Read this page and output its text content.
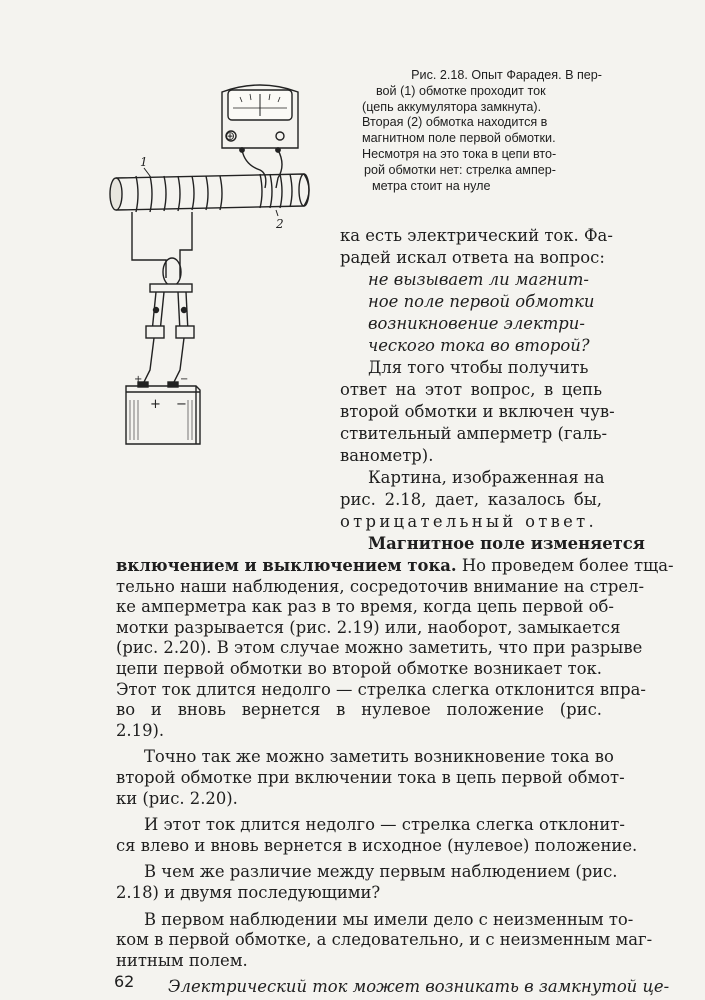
⊕
1
2
+	−
+ −
Рис. 2.18. Опыт Фарадея. В пер-
вой (1) обмотке проходит ток
(цепь аккумулятора замкнута).
Вторая (2) обмотка находится в
магнитном поле первой обмотки.
Несмотря на это тока в цепи вто-
рой обмотки нет: стрелка ампер-
метра стоит на нуле
ка есть электрический ток. Фа-
радей искал ответа на вопрос:
не вызывает ли магнит-
ное поле первой обмотки
возникновение электри-
ческого тока во второй?
Для того чтобы получить
ответ на этот вопрос, в цепь
второй обмотки и включен чув-
ствительный амперметр (галь-
ванометр).
Картина, изображенная на
рис. 2.18, дает, казалось бы,
отрицательный ответ.
Магнитное поле изменяется
включением и выключением тока. Но проведем более тща-
тельно наши наблюдения, сосредоточив внимание на стрел-
ке амперметра как раз в то время, когда цепь первой об-
мотки разрывается (рис. 2.19) или, наоборот, замыкается
(рис. 2.20). В этом случае можно заметить, что при разрыве
цепи первой обмотки во второй обмотке возникает ток.
Этот ток длится недолго — стрелка слегка отклонится впра-
во и вновь вернется в нулевое положение (рис.
2.19).
Точно так же можно заметить возникновение тока во
второй обмотке при включении тока в цепь первой обмот-
ки (рис. 2.20).
И этот ток длится недолго — стрелка слегка отклонит-
ся влево и вновь вернется в исходное (нулевое) положение.
62
В чем же различие между первым наблюдением (рис.
2.18) и двумя последующими?
В первом наблюдении мы имели дело с неизменным то-
ком в первой обмотке, а следовательно, и с неизменным маг-
нитным полем.
Электрический ток может возникать в замкнутой це-
